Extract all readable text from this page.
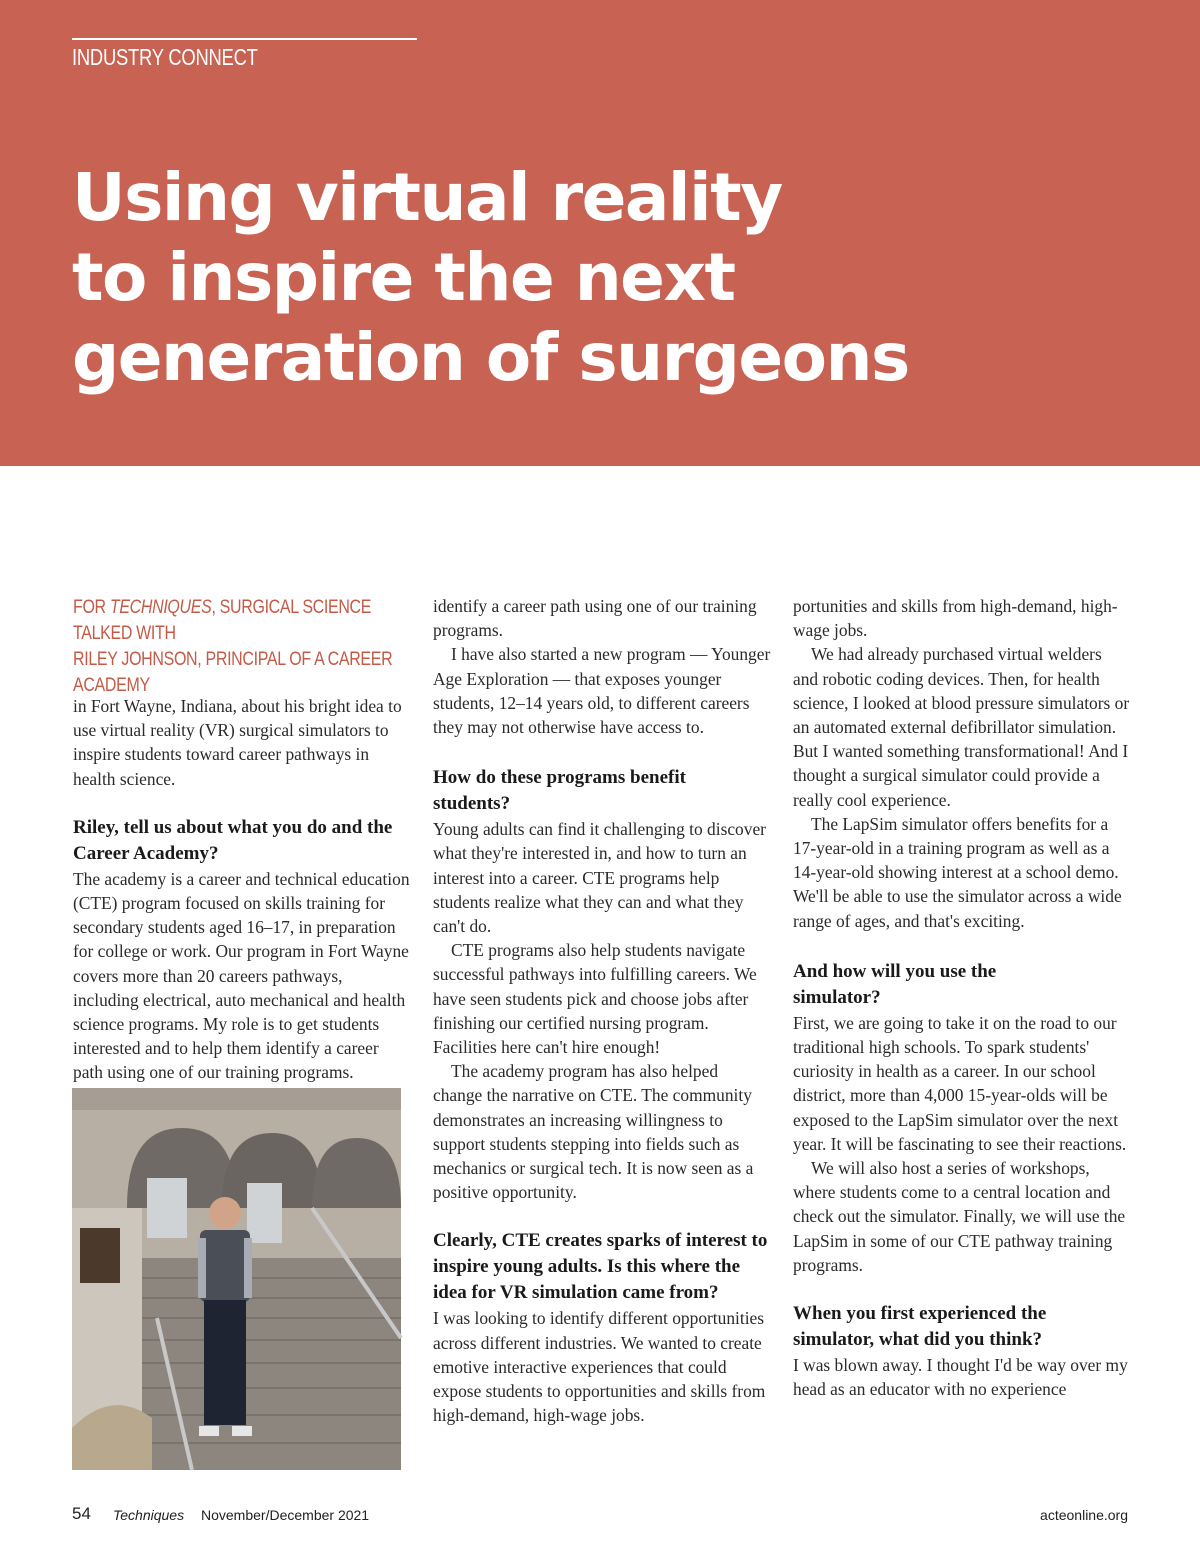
INDUSTRY CONNECT
Using virtual reality
to inspire the next
generation of surgeons
FOR TECHNIQUES, SURGICAL SCIENCE TALKED WITH
RILEY JOHNSON, PRINCIPAL OF A CAREER ACADEMY

in Fort Wayne, Indiana, about his bright idea to use virtual reality (VR) surgical simulators to inspire students toward career pathways in health science.

Riley, tell us about what you do and the Career Academy?

The academy is a career and technical education (CTE) program focused on skills training for secondary students aged 16–17, in preparation for college or work. Our program in Fort Wayne covers more than 20 careers pathways, including electrical, auto mechanical and health science programs. My role is to get students interested and to help them identify a career path using one of our training programs.

identify a career path using one of our training programs.

I have also started a new program — Younger Age Exploration — that exposes younger students, 12–14 years old, to different careers they may not otherwise have access to.

How do these programs benefit students?

Young adults can find it challenging to discover what they're interested in, and how to turn an interest into a career. CTE programs help students realize what they can and what they can't do.

CTE programs also help students navigate successful pathways into fulfilling careers. We have seen students pick and choose jobs after finishing our certified nursing program. Facilities here can't hire enough!

The academy program has also helped change the narrative on CTE. The community demonstrates an increasing willingness to support students stepping into fields such as mechanics or surgical tech. It is now seen as a positive opportunity.

Clearly, CTE creates sparks of interest to inspire young adults. Is this where the idea for VR simulation came from?

I was looking to identify different opportunities across different industries. We wanted to create emotive interactive experiences that could expose students to opportunities and skills from high-demand, high-wage jobs.

portunities and skills from high-demand, high-wage jobs.

We had already purchased virtual welders and robotic coding devices. Then, for health science, I looked at blood pressure simulators or an automated external defibrillator simulation. But I wanted something transformational! And I thought a surgical simulator could provide a really cool experience.

The LapSim simulator offers benefits for a 17-year-old in a training program as well as a 14-year-old showing interest at a school demo. We'll be able to use the simulator across a wide range of ages, and that's exciting.

And how will you use the simulator?

First, we are going to take it on the road to our traditional high schools. To spark students' curiosity in health as a career. In our school district, more than 4,000 15-year-olds will be exposed to the LapSim simulator over the next year. It will be fascinating to see their reactions.

We will also host a series of workshops, where students come to a central location and check out the simulator. Finally, we will use the LapSim in some of our CTE pathway training programs.

When you first experienced the simulator, what did you think?

I was blown away. I thought I'd be way over my head as an educator with no experience

54 Techniques November/December 2021	acteonline.org
